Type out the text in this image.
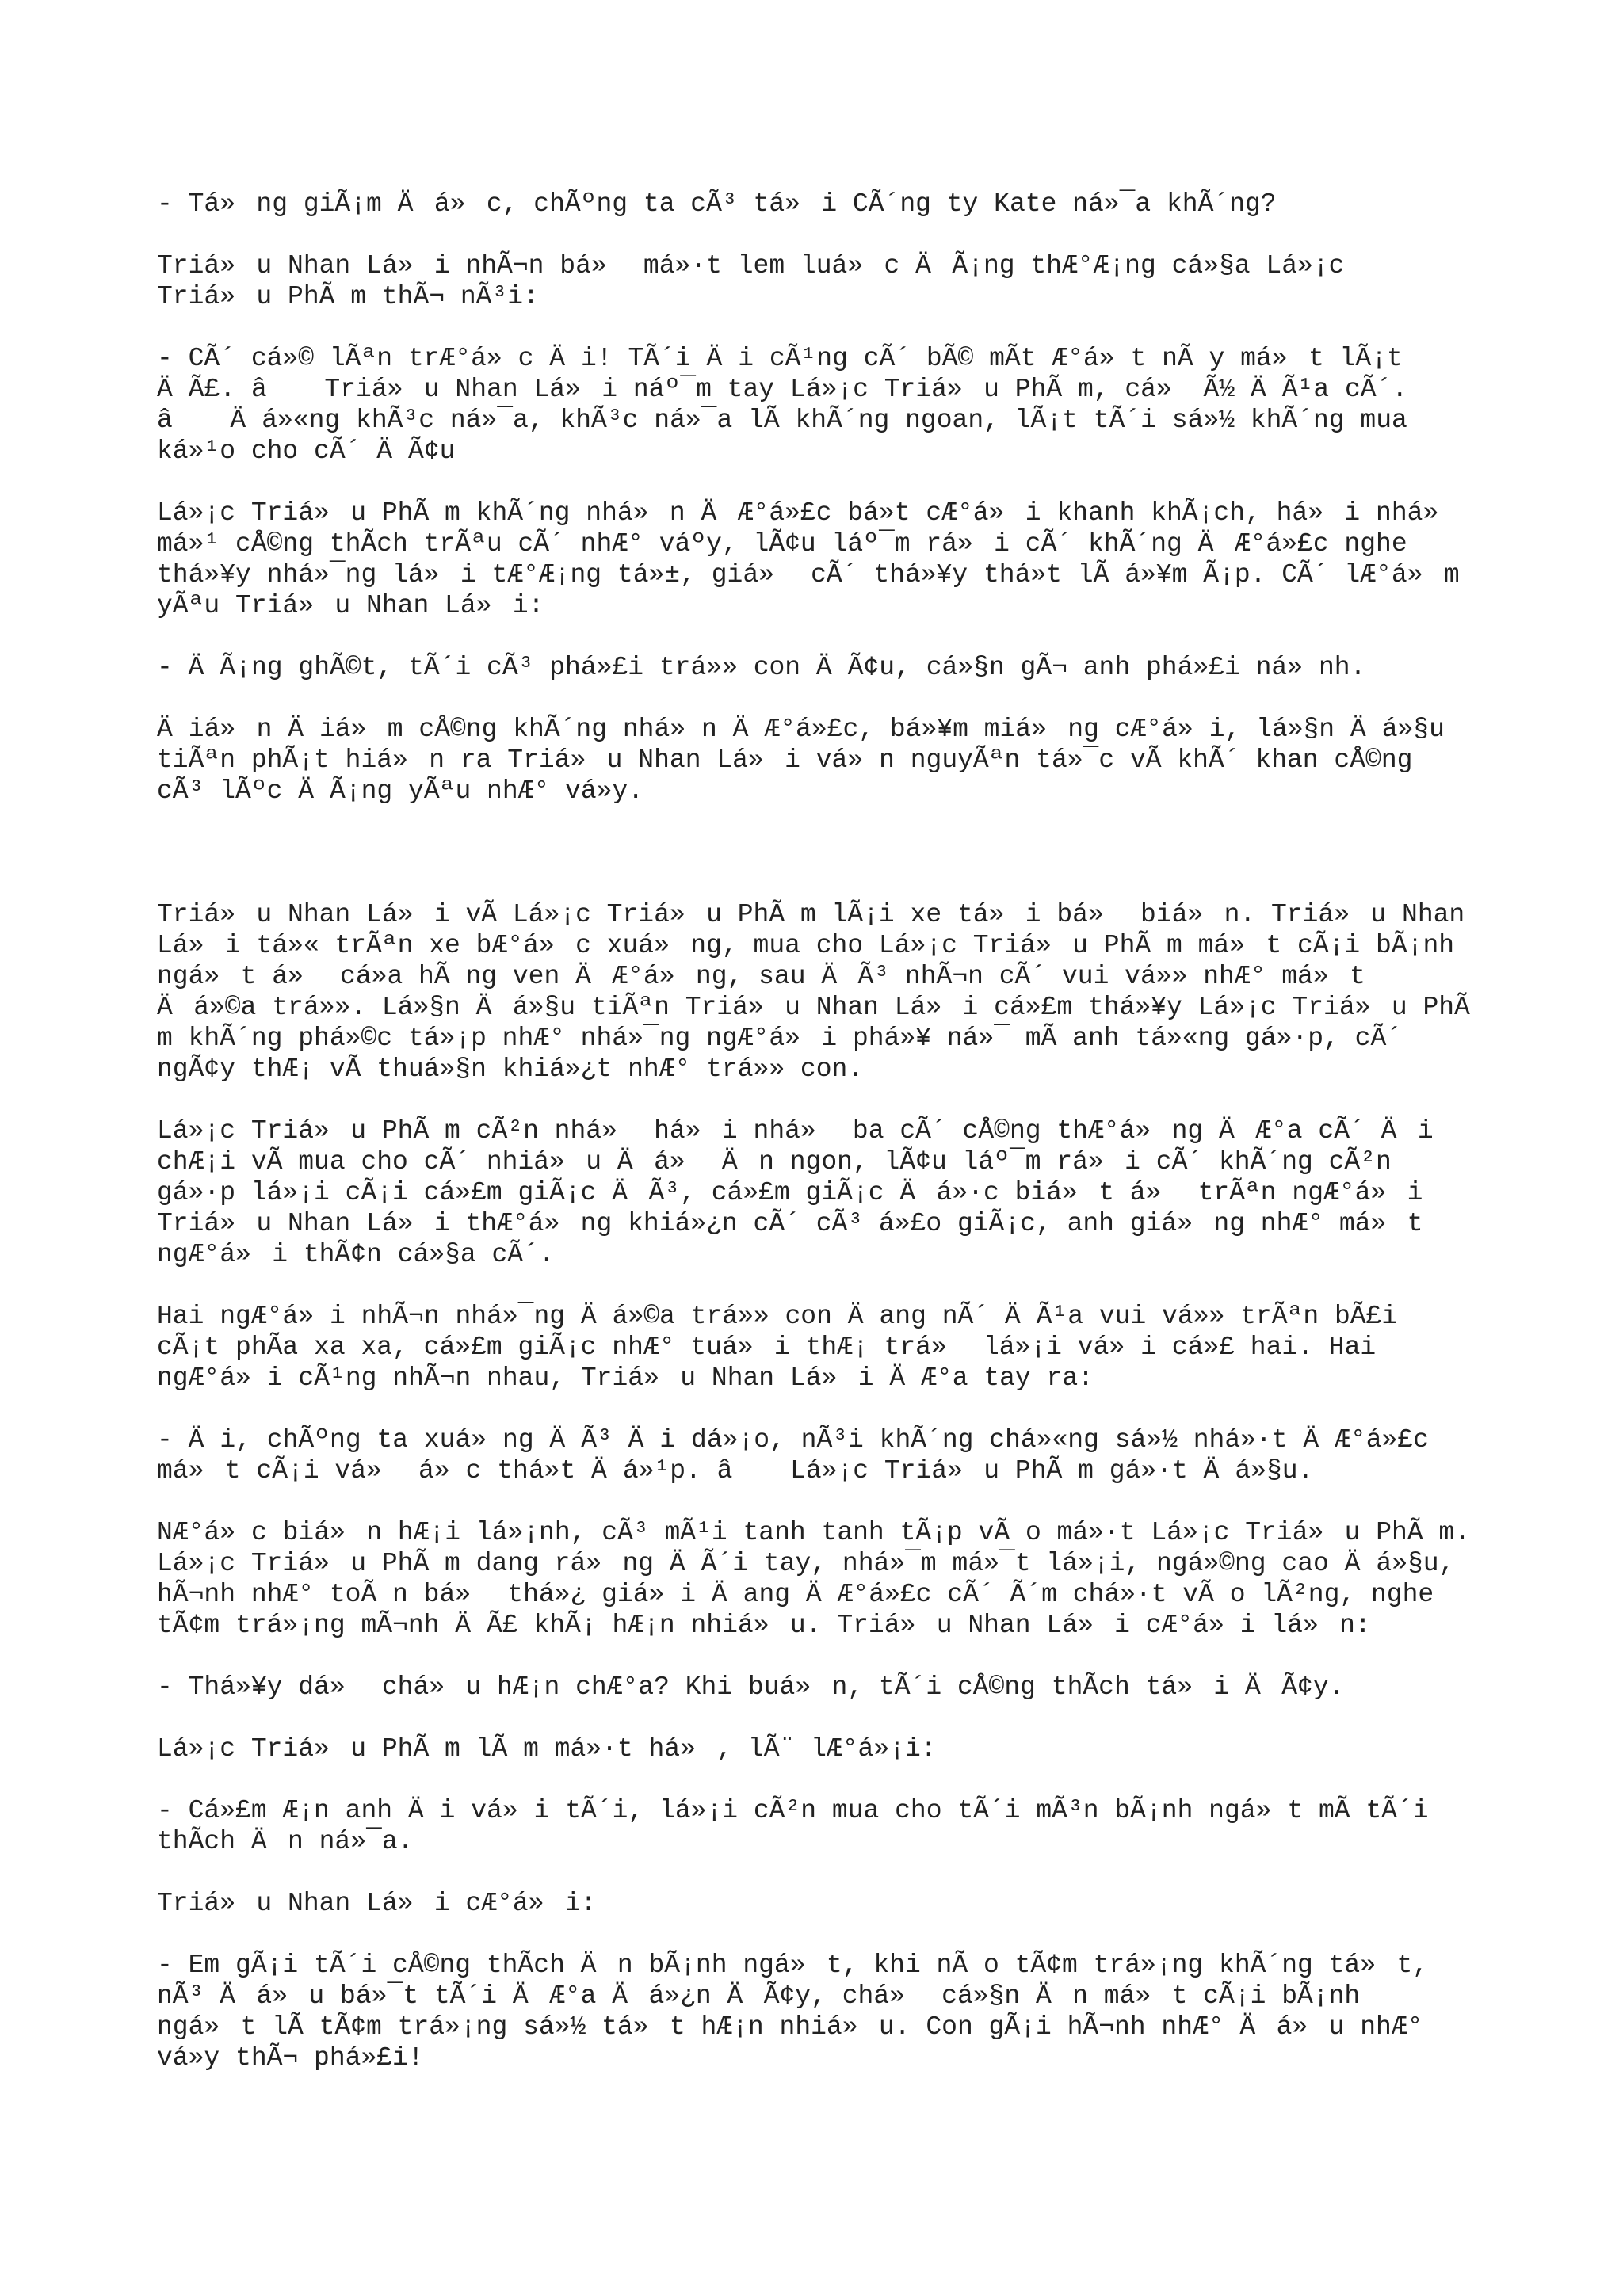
- Tá»ng giÃ¡m Äá»c, chÃºng ta cÃ³ tá»i CÃ´ng ty Kate ná»¯a khÃ´ng?

Triá»u Nhan Lá»i nhÃ¬n bá» má»·t lem luá»c ÄÃ¡ng thÆ°Æ¡ng cá»§a Lá»¡c Triá»u PhÃ m thÃ¬ nÃ³i:

- CÃ´ cá»© lÃªn trÆ°á»c Äi! TÃ´i Äi cÃ¹ng cÃ´ bÃ© mÃt Æ°á»t nÃ y má»t lÃ¡t ÄÃ£. â Triá»u Nhan Lá»i náº¯m tay Lá»¡c Triá»u PhÃ m, cá» Ã½ ÄÃ¹a cÃ´. â Äá»«ng khÃ³c ná»¯a, khÃ³c ná»¯a lÃ khÃ´ng ngoan, lÃ¡t tÃ´i sá»½ khÃ´ng mua ká»¹o cho cÃ´ ÄÃ¢u

Lá»¡c Triá»u PhÃ m khÃ´ng nhá»n ÄÆ°á»£c bá»t cÆ°á»i khanh khÃ¡ch, há»i nhá» má»¹ cÅ©ng thÃch trÃªu cÃ´ nhÆ° váºy, lÃ¢u láº¯m rá»i cÃ´ khÃ´ng ÄÆ°á»£c nghe thá»¥y nhá»¯ng lá»i tÆ°Æ¡ng tá»±, giá» cÃ´ thá»¥y thá»t lÃ á»¥m Ã¡p. CÃ´ lÆ°á»m yÃªu Triá»u Nhan Lá»i:

- ÄÃ¡ng ghÃ©t, tÃ´i cÃ³ phá»£i trá»» con ÄÃ¢u, cá»§n gÃ¬ anh phá»£i ná»nh.

Äiá»n Äiá»m cÅ©ng khÃ´ng nhá»n ÄÆ°á»£c, bá»¥m miá»ng cÆ°á»i, lá»§n Äá»§u tiÃªn phÃ¡t hiá»n ra Triá»u Nhan Lá»i vá»n nguyÃªn tá»¯c vÃ khÃ´ khan cÅ©ng cÃ³ lÃºc ÄÃ¡ng yÃªu nhÆ° vá»y.

Triá»u Nhan Lá»i vÃ Lá»¡c Triá»u PhÃ m lÃ¡i xe tá»i bá» biá»n. Triá»u Nhan Lá»i tá»« trÃªn xe bÆ°á»c xuá»ng, mua cho Lá»¡c Triá»u PhÃ m má»t cÃ¡i bÃ¡nh ngá»t á» cá»a hÃ ng ven ÄÆ°á»ng, sau ÄÃ³ nhÃ¬n cÃ´ vui vá»» nhÆ° má»t Äá»©a trá»». Lá»§n Äá»§u tiÃªn Triá»u Nhan Lá»i cá»£m thá»¥y Lá»¡c Triá»u PhÃ m khÃ´ng phá»©c tá»¡p nhÆ° nhá»¯ng ngÆ°á»i phá»¥ ná»¯ mÃ anh tá»«ng gá»·p, cÃ´ ngÃ¢y thÆ¡ vÃ thuá»§n khiá»¿t nhÆ° trá»» con.

Lá»¡c Triá»u PhÃ m cÃ²n nhá» há»i nhá» ba cÃ´ cÅ©ng thÆ°á»ng ÄÆ°a cÃ´ Äi chÆ¡i vÃ mua cho cÃ´ nhiá»u Äá» Än ngon, lÃ¢u láº¯m rá»i cÃ´ khÃ´ng cÃ²n gá»·p lá»¡i cÃ¡i cá»£m giÃ¡c ÄÃ³, cá»£m giÃ¡c Äá»·c biá»t á» trÃªn ngÆ°á»i Triá»u Nhan Lá»i thÆ°á»ng khiá»¿n cÃ´ cÃ³ á»£o giÃ¡c, anh giá»ng nhÆ° má»t ngÆ°á»i thÃ¢n cá»§a cÃ´.

Hai ngÆ°á»i nhÃ¬n nhá»¯ng Äá»©a trá»» con Äang nÃ´ ÄÃ¹a vui vá»» trÃªn bÃ£i cÃ¡t phÃa xa xa, cá»£m giÃ¡c nhÆ° tuá»i thÆ¡ trá» lá»¡i vá»i cá»£ hai. Hai ngÆ°á»i cÃ¹ng nhÃ¬n nhau, Triá»u Nhan Lá»i ÄÆ°a tay ra:

- Äi, chÃºng ta xuá»ng ÄÃ³ Äi dá»¡o, nÃ³i khÃ´ng chá»«ng sá»½ nhá»·t ÄÆ°á»£c má»t cÃ¡i vá» á»c thá»t Äá»¹p. â Lá»¡c Triá»u PhÃ m gá»·t Äá»§u.

NÆ°á»c biá»n hÆ¡i lá»¡nh, cÃ³ mÃ¹i tanh tanh tÃ¡p vÃ o má»·t Lá»¡c Triá»u PhÃ m. Lá»¡c Triá»u PhÃ m dang rá»ng ÄÃ´i tay, nhá»¯m má»¯t lá»¡i, ngá»©ng cao Äá»§u, hÃ¬nh nhÆ° toÃ n bá» thá»¿ giá»i Äang ÄÆ°á»£c cÃ´ Ã´m chá»·t vÃ o lÃ²ng, nghe tÃ¢m trá»¡ng mÃ¬nh ÄÃ£ khÃ¡ hÆ¡n nhiá»u. Triá»u Nhan Lá»i cÆ°á»i lá»n:

- Thá»¥y dá» chá»u hÆ¡n chÆ°a? Khi buá»n, tÃ´i cÅ©ng thÃch tá»i ÄÃ¢y.

Lá»¡c Triá»u PhÃ m lÃ m má»·t há», lÃ¨ lÆ°á»¡i:

- Cá»£m Æ¡n anh Äi vá»i tÃ´i, lá»¡i cÃ²n mua cho tÃ´i mÃ³n bÃ¡nh ngá»t mÃ tÃ´i thÃch Än ná»¯a.

Triá»u Nhan Lá»i cÆ°á»i:

- Em gÃ¡i tÃ´i cÅ©ng thÃch Än bÃ¡nh ngá»t, khi nÃ o tÃ¢m trá»¡ng khÃ´ng tá»t, nÃ³ Äá»u bá»¯t tÃ´i ÄÆ°a Äá»¿n ÄÃ¢y, chá» cá»§n Än má»t cÃ¡i bÃ¡nh ngá»t lÃ tÃ¢m trá»¡ng sá»½ tá»t hÆ¡n nhiá»u. Con gÃ¡i hÃ¬nh nhÆ° Äá»u nhÆ° vá»y thÃ¬ phá»£i!
